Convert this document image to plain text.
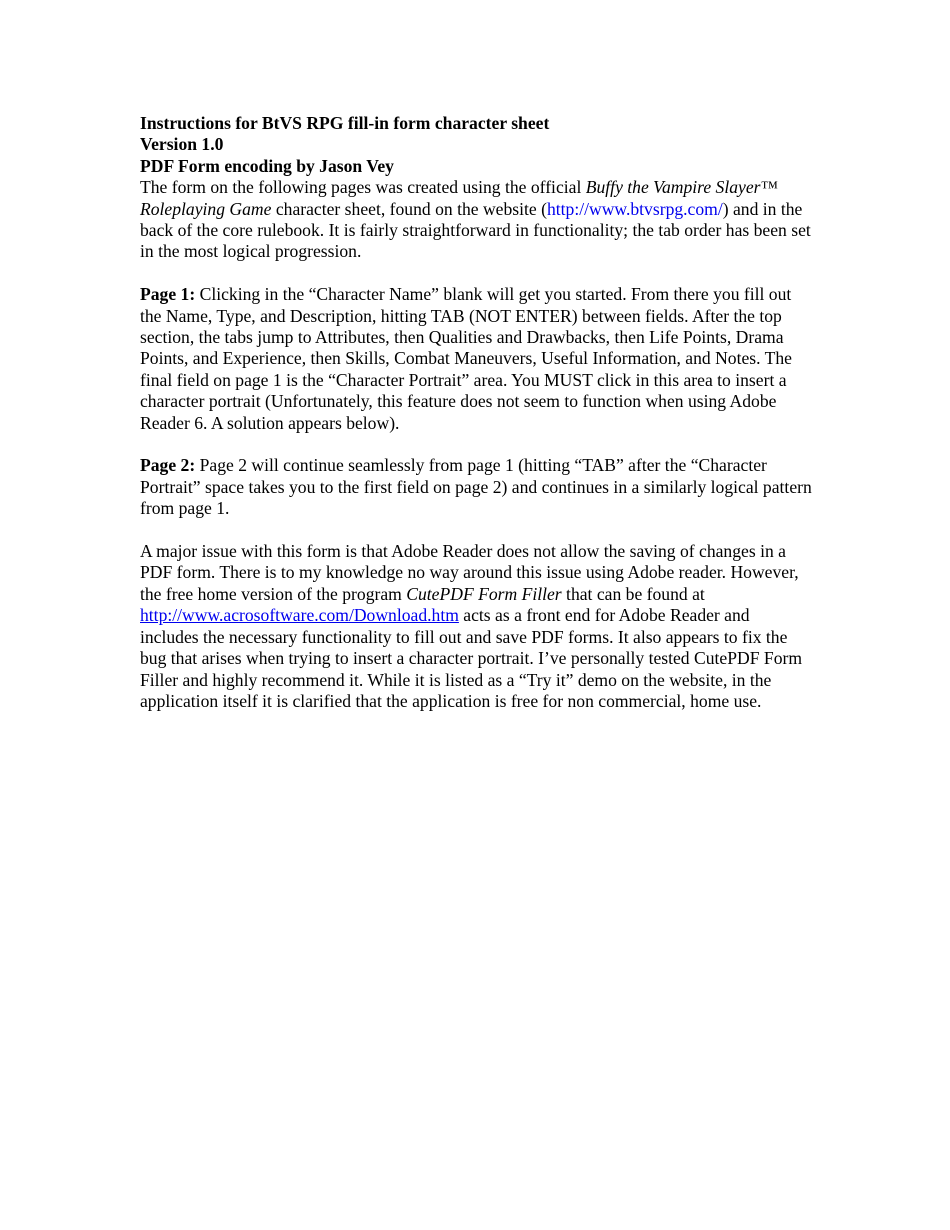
Instructions for BtVS RPG fill-in form character sheet
Version 1.0
PDF Form encoding by Jason Vey

The form on the following pages was created using the official Buffy the Vampire Slayer™ Roleplaying Game character sheet, found on the website (http://www.btvsrpg.com/) and in the back of the core rulebook. It is fairly straightforward in functionality; the tab order has been set in the most logical progression.

Page 1: Clicking in the “Character Name” blank will get you started. From there you fill out the Name, Type, and Description, hitting TAB (NOT ENTER) between fields. After the top section, the tabs jump to Attributes, then Qualities and Drawbacks, then Life Points, Drama Points, and Experience, then Skills, Combat Maneuvers, Useful Information, and Notes. The final field on page 1 is the “Character Portrait” area. You MUST click in this area to insert a character portrait (Unfortunately, this feature does not seem to function when using Adobe Reader 6. A solution appears below).

Page 2: Page 2 will continue seamlessly from page 1 (hitting “TAB” after the “Character Portrait” space takes you to the first field on page 2) and continues in a similarly logical pattern from page 1.

A major issue with this form is that Adobe Reader does not allow the saving of changes in a PDF form. There is to my knowledge no way around this issue using Adobe reader. However, the free home version of the program CutePDF Form Filler that can be found at http://www.acrosoftware.com/Download.htm acts as a front end for Adobe Reader and includes the necessary functionality to fill out and save PDF forms. It also appears to fix the bug that arises when trying to insert a character portrait. I’ve personally tested CutePDF Form Filler and highly recommend it. While it is listed as a “Try it” demo on the website, in the application itself it is clarified that the application is free for non commercial, home use.
